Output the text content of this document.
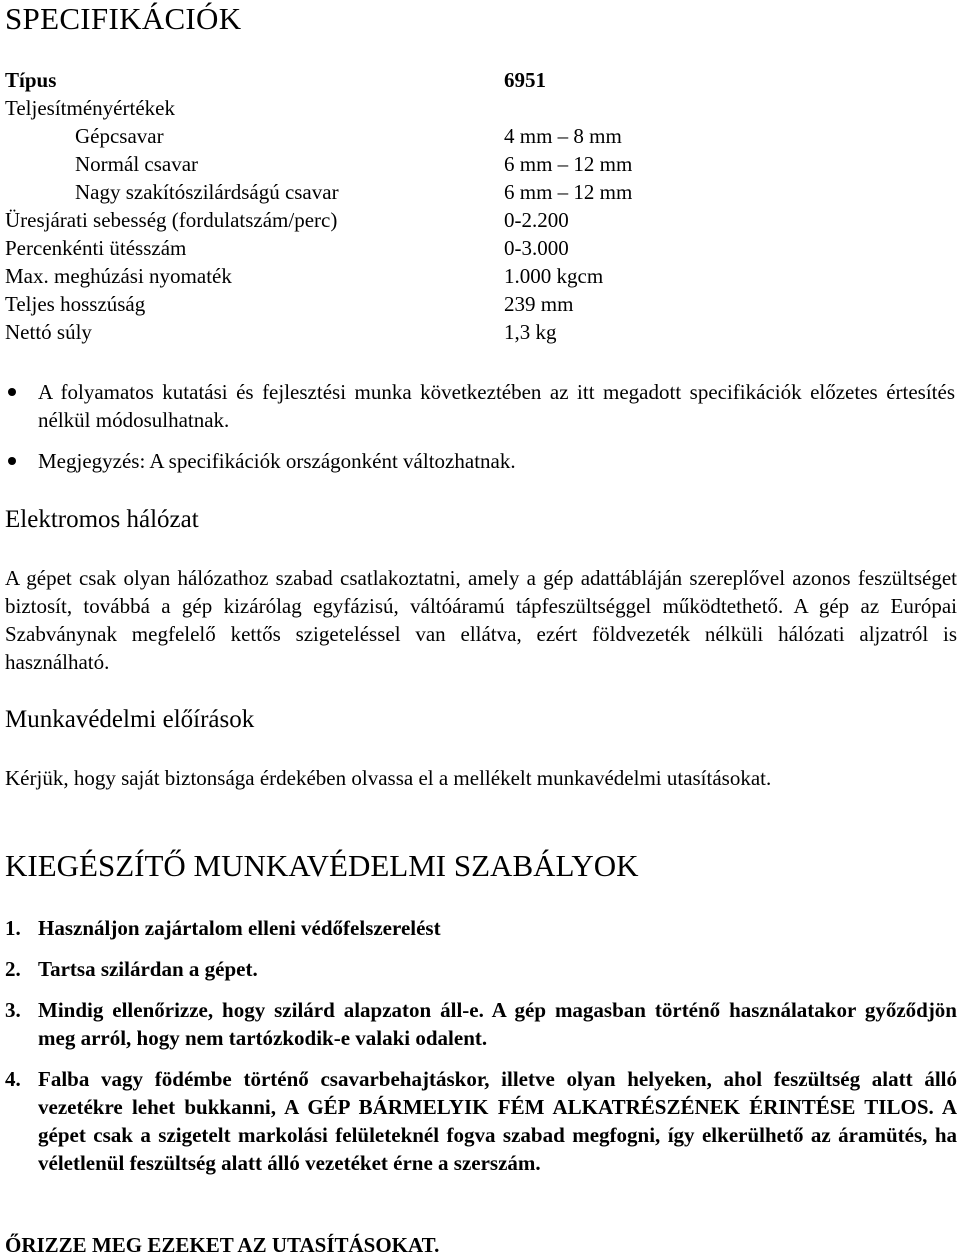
SPECIFIKÁCIÓK
Típus	6951
Teljesítményértékek
Gépcsavar	4 mm – 8 mm
Normál csavar	6 mm – 12 mm
Nagy szakítószilárdságú csavar	6 mm – 12 mm
Üresjárati sebesség (fordulatszám/perc)	0-2.200
Percenkénti ütésszám	0-3.000
Max. meghúzási nyomaték	1.000 kgcm
Teljes hosszúság	239 mm
Nettó súly	1,3 kg
A folyamatos kutatási és fejlesztési munka következtében az itt megadott specifikációk előzetes értesítés nélkül módosulhatnak.
Megjegyzés: A specifikációk országonként változhatnak.
Elektromos hálózat

A gépet csak olyan hálózathoz szabad csatlakoztatni, amely a gép adattábláján szereplővel azonos feszültséget biztosít, továbbá a gép kizárólag egyfázisú, váltóáramú tápfeszültséggel működtethető. A gép az Európai Szabványnak megfelelő kettős szigeteléssel van ellátva, ezért földvezeték nélküli hálózati aljzatról is használható.

Munkavédelmi előírások

Kérjük, hogy saját biztonsága érdekében olvassa el a mellékelt munkavédelmi utasításokat.

KIEGÉSZÍTŐ MUNKAVÉDELMI SZABÁLYOK
1. Használjon zajártalom elleni védőfelszerelést
2. Tartsa szilárdan a gépet.
3. Mindig ellenőrizze, hogy szilárd alapzaton áll-e. A gép magasban történő használatakor győződjön meg arról, hogy nem tartózkodik-e valaki odalent.
4. Falba vagy födémbe történő csavarbehajtáskor, illetve olyan helyeken, ahol feszültség alatt álló vezetékre lehet bukkanni, A GÉP BÁRMELYIK FÉM ALKATRÉSZÉNEK ÉRINTÉSE TILOS. A gépet csak a szigetelt markolási felületeknél fogva szabad megfogni, így elkerülhető az áramütés, ha véletlenül feszültség alatt álló vezetéket érne a szerszám.

ŐRIZZE MEG EZEKET AZ UTASÍTÁSOKAT.
